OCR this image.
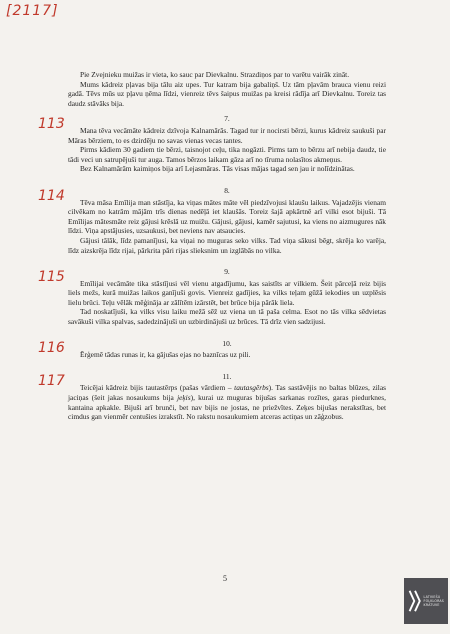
[2117]

Pie Zvejnieku muižas ir vieta, ko sauc par Dievkalnu. Strazdiņos par to varētu vairāk zināt.

Mums kādreiz pļavas bija tālu aiz upes. Tur katram bija gabaliņš. Uz tām pļavām brauca vienu reizi gadā. Tēvs mūs uz pļavu ņēma līdzi, vienreiz tēvs šaipus muižas pa kreisi rādīja arī Dievkalnu. Toreiz tas daudz stāvāks bija.

7.
113	Mana tēva vecāmāte kādreiz dzīvoja Kalnamārās. Tagad tur ir nocirsti bērzi, kurus kādreiz saukuši par Māras bērziem, to es dzirdēju no savas vienas vecas tantes.

Pirms kādiem 30 gadiem tie bērzi, taisnojot ceļu, tika nogāzti. Pirms tam to bērzu arī nebija daudz, tie tādi veci un satrupējuši tur auga. Tamos bērzos laikam gāza arī no tīruma nolasītos akmeņus.

Bez Kalnamārām kaimiņos bija arī Lejasmāras. Tās visas mājas tagad sen jau ir nolīdzinātas.

8.
114	Tēva māsa Emīlija man stāstīja, ka viņas mātes māte vēl piedzīvojusi klaušu laikus. Vajadzējis vienam cilvēkam no katrām mājām trīs dienas nedēļā iet klaušās. Toreiz šajā apkārtnē arī vilki esot bijuši. Tā Emīlijas mātesmāte reiz gājusi krēslā uz muižu. Gājusi, gājusi, kamēr sajutusi, ka viens no aizmugures nāk līdzi. Viņa apstājusies, uzsaukusi, bet neviens nav atsaucies.

Gājusi tālāk, līdz pamanījusi, ka viņai no muguras seko vilks. Tad viņa sākusi bēgt, skrēja ko varēja, līdz aizskrēja līdz rijai, pārkrita pāri rijas slieksnim un izglābās no vilka.

9.
115	Emīlijai vecāmāte tika stāstījusi vēl vienu atgadījumu, kas saistīts ar vilkiem. Šeit pārceļā reiz bijis liels mežs, kurā muižas laikos ganījuši govis. Vienreiz gadījies, ka vilks teļam gūžā iekodies un uzplēsis lielu brūci. Teļu vēlāk mēģināja ar zālītēm izārstēt, bet brūce bija pārāk liela.

Tad noskatījuši, ka vilks visu laiku mežā sēž uz viena un tā paša celma. Esot no tās vilka sēdvietas savākuši vilka spalvas, sadedzinājuši un uzbirdinājuši uz brūces. Tā drīz vien sadzijusi.

10.
116	Ērģemē tādas runas ir, ka gājušas ejas no baznīcas uz pili.

11.
117	Teicējai kādreiz bijis tautastērps (pašas vārdiem – tautasgērbs). Tas sastāvējis no baltas blūzes, zilas jaciņas (šeit jakas nosaukums bija jeķis), kurai uz muguras bijušas sarkanas rozītes, garas piedurknes, kantaina apkakle. Bijuši arī brunči, bet nav bijis ne jostas, ne priežvītes. Zeķes bijušas nerakstītas, bet cimdus gan vienmēr centušies izrakstīt. No rakstu nosaukumiem atceras actiņas un zāģzobus.

5
LATVIEŠU
FOLKLORAS
KRĀTUVE
